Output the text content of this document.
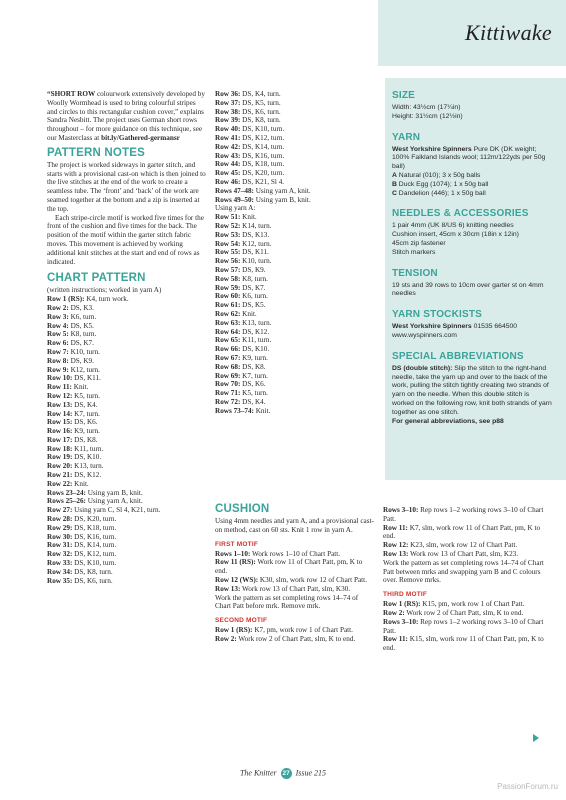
Kittiwake

“SHORT ROW colourwork extensively developed by Woolly Wormhead is used to bring colourful stripes and circles to this rectangular cushion cover,” explains Sandra Nesbitt. The project uses German short rows throughout – for more guidance on this technique, see our Masterclass at bit.ly/Gathered-germansr

PATTERN NOTES

The project is worked sideways in garter stitch, and starts with a provisional cast-on which is then joined to the live stitches at the end of the work to create a seamless tube. The ‘front’ and ‘back’ of the work are seamed together at the bottom and a zip is inserted at the top.

Each stripe-circle motif is worked five times for the front of the cushion and five times for the back. The position of the motif within the garter stitch fabric moves. This movement is achieved by working additional knit stitches at the start and end of rows as indicated.

CHART PATTERN
(written instructions; worked in yarn A)
Row 1 (RS): K4, turn work.
Row 2: DS, K3.
Row 3: K6, turn.
Row 4: DS, K5.
Row 5: K8, turn.
Row 6: DS, K7.
Row 7: K10, turn.
Row 8: DS, K9.
Row 9: K12, turn.
Row 10: DS, K11.
Row 11: Knit.
Row 12: K5, turn.
Row 13: DS, K4.
Row 14: K7, turn.
Row 15: DS, K6.
Row 16: K9, turn.
Row 17: DS, K8.
Row 18: K11, turn.
Row 19: DS, K10.
Row 20: K13, turn.
Row 21: DS, K12.
Row 22: Knit.
Rows 23–24: Using yarn B, knit.
Rows 25–26: Using yarn A, knit.
Row 27: Using yarn C, Sl 4, K21, turn.
Row 28: DS, K20, turn.
Row 29: DS, K18, turn.
Row 30: DS, K16, turn.
Row 31: DS, K14, turn.
Row 32: DS, K12, turn.
Row 33: DS, K10, turn.
Row 34: DS, K8, turn.
Row 35: DS, K6, turn.
Row 36: DS, K4, turn.
Row 37: DS, K5, turn.
Row 38: DS, K6, turn.
Row 39: DS, K8, turn.
Row 40: DS, K10, turn.
Row 41: DS, K12, turn.
Row 42: DS, K14, turn.
Row 43: DS, K16, turn.
Row 44: DS, K18, turn.
Row 45: DS, K20, turn.
Row 46: DS, K21, Sl 4.
Rows 47–48: Using yarn A, knit.
Rows 49–50: Using yarn B, knit.
Using yarn A:
Row 51: Knit.
Row 52: K14, turn.
Row 53: DS, K13.
Row 54: K12, turn.
Row 55: DS, K11.
Row 56: K10, turn.
Row 57: DS, K9.
Row 58: K8, turn.
Row 59: DS, K7.
Row 60: K6, turn.
Row 61: DS, K5.
Row 62: Knit.
Row 63: K13, turn.
Row 64: DS, K12.
Row 65: K11, turn.
Row 66: DS, K10.
Row 67: K9, turn.
Row 68: DS, K8.
Row 69: K7, turn.
Row 70: DS, K6.
Row 71: K5, turn.
Row 72: DS, K4.
Rows 73–74: Knit.
CUSHION

Using 4mm needles and yarn A, and a provisional cast-on method, cast on 60 sts. Knit 1 row in yarn A.

FIRST MOTIF
Rows 1–10: Work rows 1–10 of Chart Patt.
Row 11 (RS): Work row 11 of Chart Patt, pm, K to end.
Row 12 (WS): K30, slm, work row 12 of Chart Patt.
Row 13: Work row 13 of Chart Patt, slm, K30.

Work the pattern as set completing rows 14–74 of Chart Patt before mrk. Remove mrk.

SECOND MOTIF
Row 1 (RS): K7, pm, work row 1 of Chart Patt.
Row 2: Work row 2 of Chart Patt, slm, K to end.
Rows 3–10: Rep rows 1–2 working rows 3–10 of Chart Patt.
Row 11: K7, slm, work row 11 of Chart Patt, pm, K to end.
Row 12: K23, slm, work row 12 of Chart Patt.
Row 13: Work row 13 of Chart Patt, slm, K23.

Work the pattern as set completing rows 14–74 of Chart Patt between mrks and swapping yarn B and C colours over. Remove mrks.

THIRD MOTIF
Row 1 (RS): K15, pm, work row 1 of Chart Patt.
Row 2: Work row 2 of Chart Patt, slm, K to end.
Rows 3–10: Rep rows 1–2 working rows 3–10 of Chart Patt.
Row 11: K15, slm, work row 11 of Chart Patt, pm, K to end.
SIZE
Width: 43½cm (17¼in)
Height: 31½cm (12½in)
YARN
West Yorkshire Spinners Pure DK (DK weight; 100% Falkland Islands wool; 112m/122yds per 50g ball)
A Natural (010); 3 x 50g balls
B Duck Egg (1074); 1 x 50g ball
C Dandelion (446); 1 x 50g ball
NEEDLES & ACCESSORIES
1 pair 4mm (UK 8/US 6) knitting needles
Cushion insert, 45cm x 30cm (18in x 12in)
45cm zip fastener
Stitch markers
TENSION
19 sts and 39 rows to 10cm over garter st on 4mm needles
YARN STOCKISTS
West Yorkshire Spinners 01535 664500
www.wyspinners.com
SPECIAL ABBREVIATIONS
DS (double stitch): Slip the stitch to the right-hand needle, take the yarn up and over to the back of the work, pulling the stitch tightly creating two strands of yarn on the needle. When this double stitch is worked on the following row, knit both strands of yarn together as one stitch.
For general abbreviations, see p88
The Knitter 27 Issue 215
PassionForum.ru
